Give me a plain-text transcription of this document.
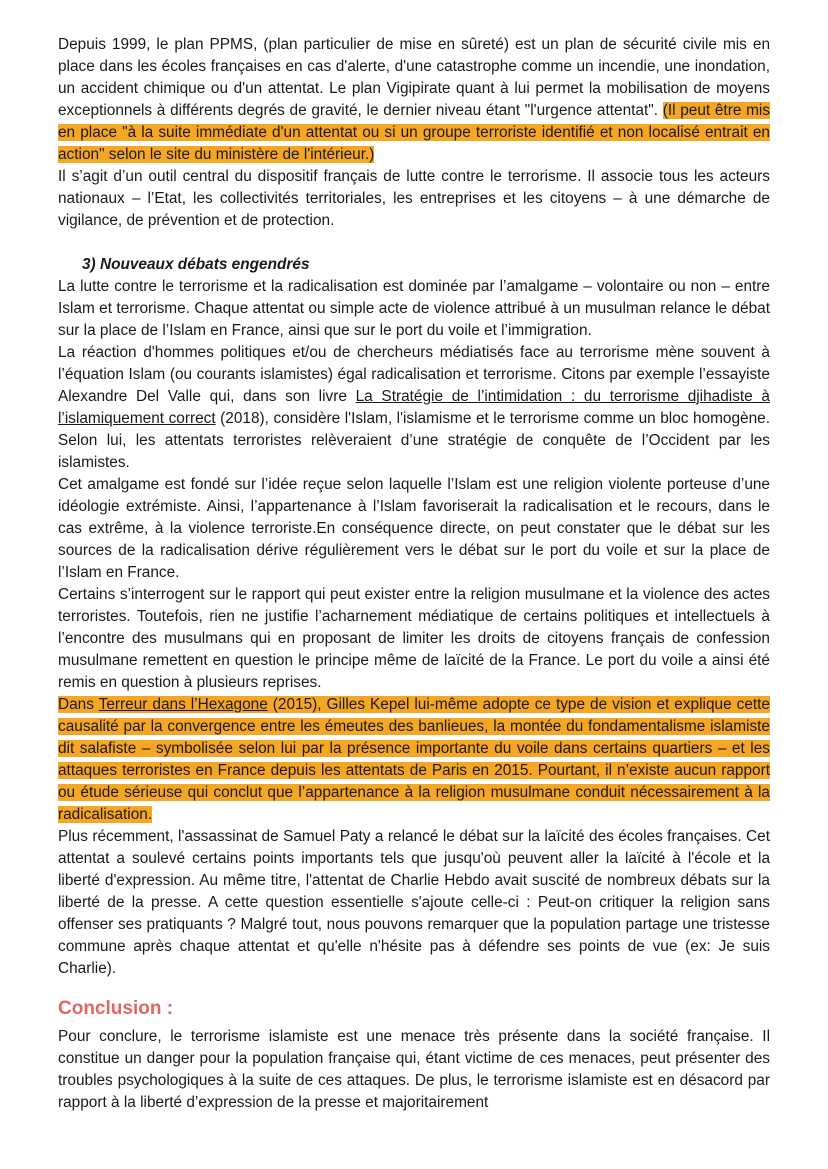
Depuis 1999, le plan PPMS, (plan particulier de mise en sûreté) est un plan de sécurité civile mis en place dans les écoles françaises en cas d'alerte, d'une catastrophe comme un incendie, une inondation, un accident chimique ou d'un attentat. Le plan Vigipirate quant à lui permet la mobilisation de moyens exceptionnels à différents degrés de gravité, le dernier niveau étant "l'urgence attentat". (Il peut être mis en place "à la suite immédiate d'un attentat ou si un groupe terroriste identifié et non localisé entrait en action" selon le site du ministère de l'intérieur.)

Il s’agit d’un outil central du dispositif français de lutte contre le terrorisme. Il associe tous les acteurs nationaux – l’Etat, les collectivités territoriales, les entreprises et les citoyens – à une démarche de vigilance, de prévention et de protection.

3) Nouveaux débats engendrés

La lutte contre le terrorisme et la radicalisation est dominée par l’amalgame – volontaire ou non – entre Islam et terrorisme. Chaque attentat ou simple acte de violence attribué à un musulman relance le débat sur la place de l’Islam en France, ainsi que sur le port du voile et l’immigration.

La réaction d'hommes politiques et/ou de chercheurs médiatisés face au terrorisme mène souvent à l’équation Islam (ou courants islamistes) égal radicalisation et terrorisme. Citons par exemple l’essayiste Alexandre Del Valle qui, dans son livre La Stratégie de l’intimidation : du terrorisme djihadiste à l’islamiquement correct (2018), considère l'Islam, l'islamisme et le terrorisme comme un bloc homogène. Selon lui, les attentats terroristes relèveraient d’une stratégie de conquête de l’Occident par les islamistes.

Cet amalgame est fondé sur l’idée reçue selon laquelle l’Islam est une religion violente porteuse d’une idéologie extrémiste. Ainsi, l’appartenance à l’Islam favoriserait la radicalisation et le recours, dans le cas extrême, à la violence terroriste.En conséquence directe, on peut constater que le débat sur les sources de la radicalisation dérive régulièrement vers le débat sur le port du voile et sur la place de l’Islam en France.

Certains s’interrogent sur le rapport qui peut exister entre la religion musulmane et la violence des actes terroristes. Toutefois, rien ne justifie l’acharnement médiatique de certains politiques et intellectuels à l’encontre des musulmans qui en proposant de limiter les droits de citoyens français de confession musulmane remettent en question le principe même de laïcité de la France. Le port du voile a ainsi été remis en question à plusieurs reprises.

Dans Terreur dans l’Hexagone (2015), Gilles Kepel lui-même adopte ce type de vision et explique cette causalité par la convergence entre les émeutes des banlieues, la montée du fondamentalisme islamiste dit salafiste – symbolisée selon lui par la présence importante du voile dans certains quartiers – et les attaques terroristes en France depuis les attentats de Paris en 2015. Pourtant, il n’existe aucun rapport ou étude sérieuse qui conclut que l’appartenance à la religion musulmane conduit nécessairement à la radicalisation.

Plus récemment, l'assassinat de Samuel Paty a relancé le débat sur la laïcité des écoles françaises. Cet attentat a soulevé certains points importants tels que jusqu'où peuvent aller la laïcité à l'école et la liberté d'expression. Au même titre, l'attentat de Charlie Hebdo avait suscité de nombreux débats sur la liberté de la presse. A cette question essentielle s'ajoute celle-ci : Peut-on critiquer la religion sans offenser ses pratiquants ? Malgré tout, nous pouvons remarquer que la population partage une tristesse commune après chaque attentat et qu'elle n'hésite pas à défendre ses points de vue (ex: Je suis Charlie).

Conclusion :

Pour conclure, le terrorisme islamiste est une menace très présente dans la société française. Il constitue un danger pour la population française qui, étant victime de ces menaces, peut présenter des troubles psychologiques à la suite de ces attaques. De plus, le terrorisme islamiste est en désacord par rapport à la liberté d’expression de la presse et majoritairement
